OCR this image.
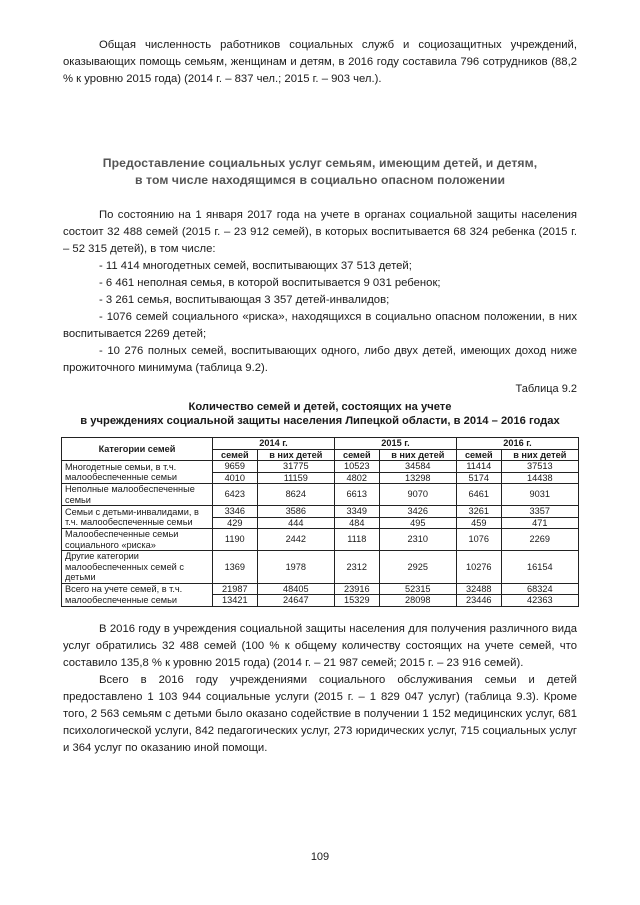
Общая численность работников социальных служб и социозащитных учреждений, оказывающих помощь семьям, женщинам и детям, в 2016 году составила 796 сотрудников (88,2 % к уровню 2015 года) (2014 г. – 837 чел.; 2015 г. – 903 чел.).

Предоставление социальных услуг семьям, имеющим детей, и детям,
в том числе находящимся в социально опасном положении

По состоянию на 1 января 2017 года на учете в органах социальной защиты населения состоит 32 488 семей (2015 г. – 23 912 семей), в которых воспитывается 68 324 ребенка (2015 г. – 52 315 детей), в том числе:

- 11 414 многодетных семей, воспитывающих 37 513 детей;
- 6 461 неполная семья, в которой воспитывается 9 031 ребенок;
- 3 261 семья, воспитывающая 3 357 детей-инвалидов;
- 1076 семей социального «риска», находящихся в социально опасном положении, в них воспитывается 2269 детей;
- 10 276 полных семей, воспитывающих одного, либо двух детей, имеющих доход ниже прожиточного минимума (таблица 9.2).
Таблица 9.2
Количество семей и детей, состоящих на учете
в учреждениях социальной защиты населения Липецкой области, в 2014 – 2016 годах
Категории семей	2014 г.		2015 г.		2016 г.	
	семей	в них детей	семей	в них детей	семей	в них детей
Многодетные семьи, в т.ч. малообеспеченные семьи	9659	31775	10523	34584	11414	37513
	4010	11159	4802	13298	5174	14438
Неполные малообеспеченные семьи	6423	8624	6613	9070	6461	9031
Семьи с детьми-инвалидами, в т.ч. малообеспеченные семьи	3346	3586	3349	3426	3261	3357
	429	444	484	495	459	471
Малообеспеченные семьи социального «риска»	1190	2442	1118	2310	1076	2269
Другие категории малообеспеченных семей с детьми	1369	1978	2312	2925	10276	16154
Всего на учете семей, в т.ч. малообеспеченные семьи	21987	48405	23916	52315	32488	68324
	13421	24647	15329	28098	23446	42363

В 2016 году в учреждения социальной защиты населения для получения различного вида услуг обратились 32 488 семей (100 % к общему количеству состоящих на учете семей, что составило 135,8 % к уровню 2015 года) (2014 г. – 21 987 семей; 2015 г. – 23 916 семей).

Всего в 2016 году учреждениями социального обслуживания семьи и детей предоставлено 1 103 944 социальные услуги (2015 г. – 1 829 047 услуг) (таблица 9.3). Кроме того, 2 563 семьям с детьми было оказано содействие в получении 1 152 медицинских услуг, 681 психологической услуги, 842 педагогических услуг, 273 юридических услуг, 715 социальных услуг и 364 услуг по оказанию иной помощи.

109
